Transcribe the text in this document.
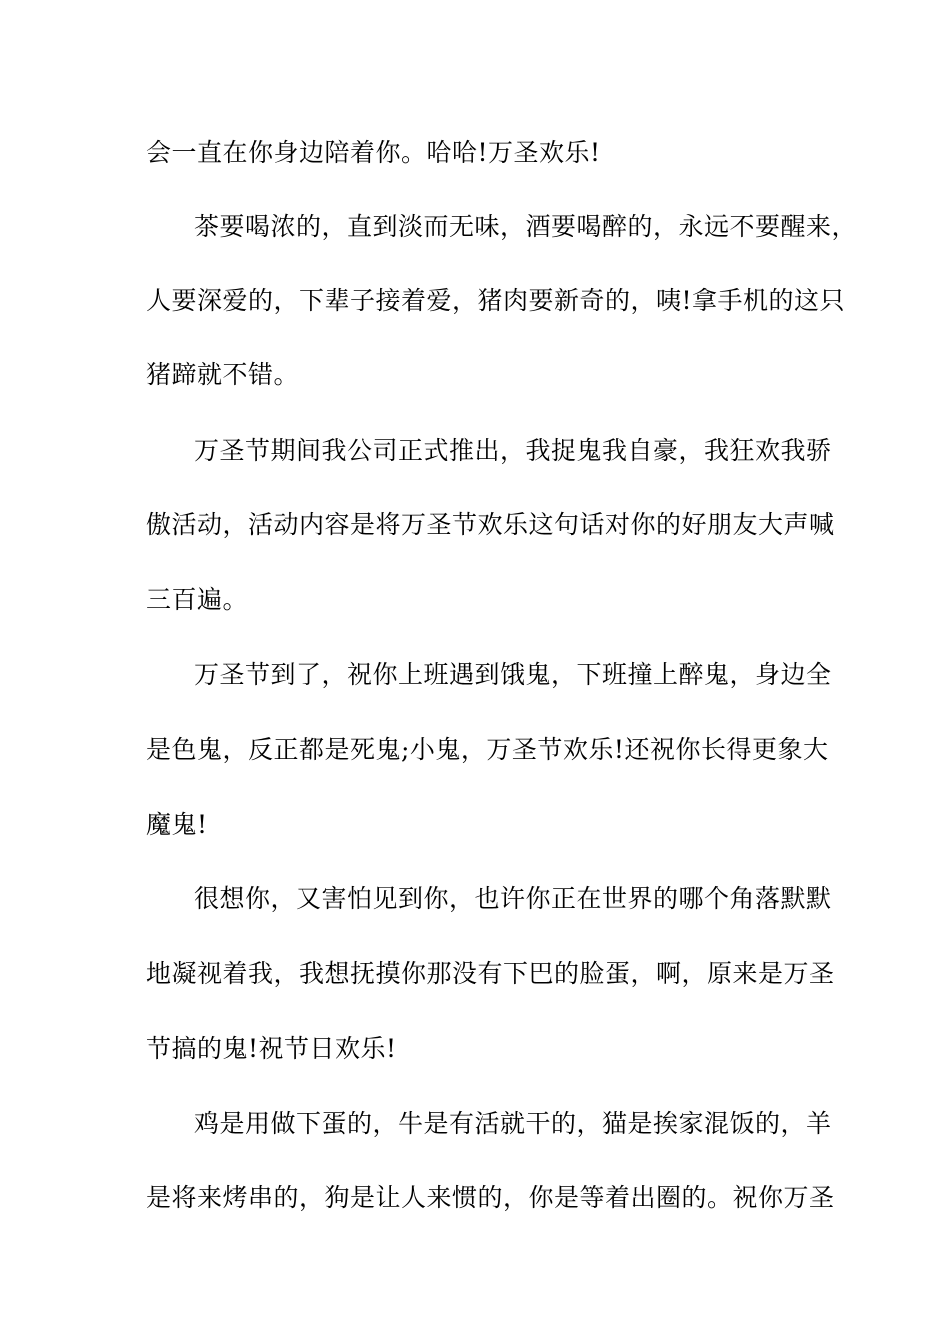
会一直在你身边陪着你。哈哈!万圣欢乐!
茶要喝浓的，直到淡而无味，酒要喝醉的，永远不要醒来，
人要深爱的，下辈子接着爱，猪肉要新奇的，咦!拿手机的这只
猪蹄就不错。
万圣节期间我公司正式推出，我捉鬼我自豪，我狂欢我骄
傲活动，活动内容是将万圣节欢乐这句话对你的好朋友大声喊
三百遍。
万圣节到了，祝你上班遇到饿鬼，下班撞上醉鬼，身边全
是色鬼，反正都是死鬼;小鬼，万圣节欢乐!还祝你长得更象大
魔鬼!
很想你，又害怕见到你，也许你正在世界的哪个角落默默
地凝视着我，我想抚摸你那没有下巴的脸蛋，啊，原来是万圣
节搞的鬼!祝节日欢乐!
鸡是用做下蛋的，牛是有活就干的，猫是挨家混饭的，羊
是将来烤串的，狗是让人来惯的，你是等着出圈的。祝你万圣
